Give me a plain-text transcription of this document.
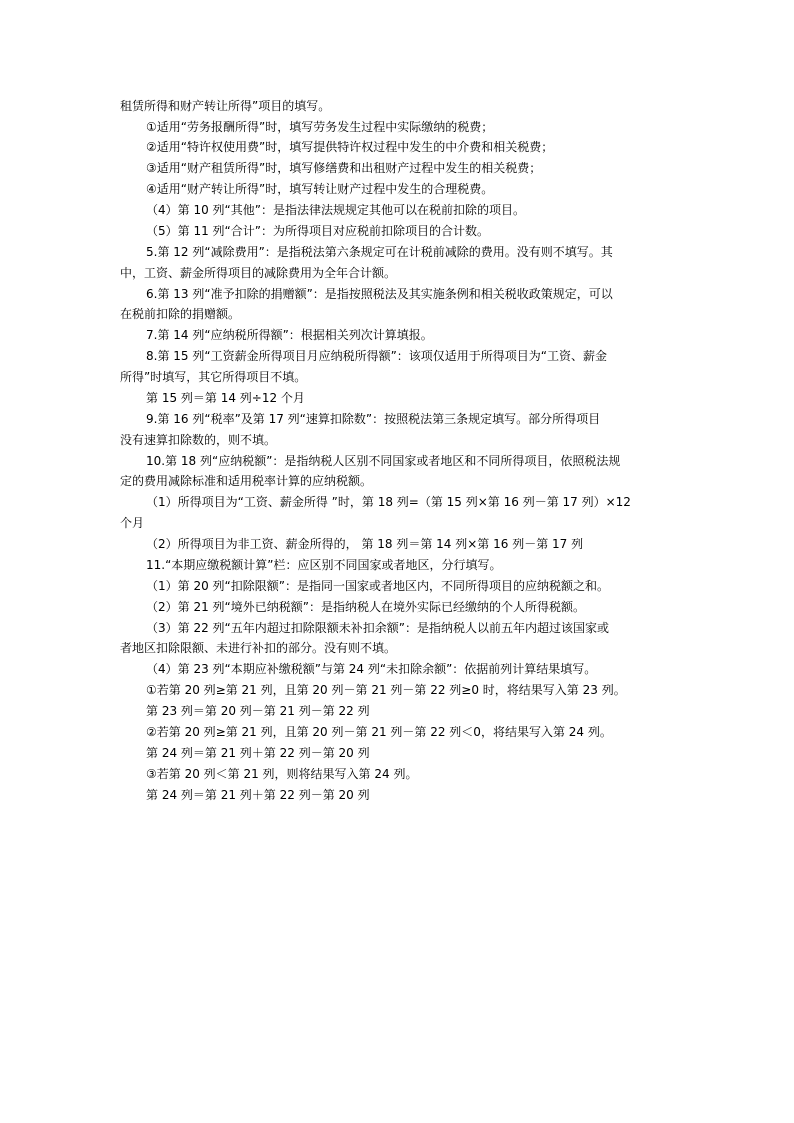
租赁所得和财产转让所得”项目的填写。
①适用“劳务报酬所得”时，填写劳务发生过程中实际缴纳的税费；
②适用“特许权使用费”时，填写提供特许权过程中发生的中介费和相关税费；
③适用“财产租赁所得”时，填写修缮费和出租财产过程中发生的相关税费；
④适用“财产转让所得”时，填写转让财产过程中发生的合理税费。
（4）第 10 列“其他”：是指法律法规规定其他可以在税前扣除的项目。
（5）第 11 列“合计”：为所得项目对应税前扣除项目的合计数。
5.第 12 列“减除费用”：是指税法第六条规定可在计税前减除的费用。没有则不填写。其
中，工资、薪金所得项目的减除费用为全年合计额。
6.第 13 列“准予扣除的捐赠额”：是指按照税法及其实施条例和相关税收政策规定，可以
在税前扣除的捐赠额。
7.第 14 列“应纳税所得额”：根据相关列次计算填报。
8.第 15 列“工资薪金所得项目月应纳税所得额”：该项仅适用于所得项目为“工资、薪金
所得”时填写，其它所得项目不填。
第 15 列＝第 14 列÷12 个月
9.第 16 列“税率”及第 17 列“速算扣除数”：按照税法第三条规定填写。部分所得项目
没有速算扣除数的，则不填。
10.第 18 列“应纳税额”：是指纳税人区别不同国家或者地区和不同所得项目，依照税法规
定的费用减除标准和适用税率计算的应纳税额。
（1）所得项目为“工资、薪金所得 ”时，第 18 列=（第 15 列×第 16 列－第 17 列）×12
个月
（2）所得项目为非工资、薪金所得的， 第 18 列＝第 14 列×第 16 列－第 17 列
11.“本期应缴税额计算”栏：应区别不同国家或者地区，分行填写。
（1）第 20 列“扣除限额”：是指同一国家或者地区内，不同所得项目的应纳税额之和。
（2）第 21 列“境外已纳税额”：是指纳税人在境外实际已经缴纳的个人所得税额。
（3）第 22 列“五年内超过扣除限额未补扣余额”：是指纳税人以前五年内超过该国家或
者地区扣除限额、未进行补扣的部分。没有则不填。
（4）第 23 列“本期应补缴税额”与第 24 列“未扣除余额”：依据前列计算结果填写。
①若第 20 列≥第 21 列，且第 20 列－第 21 列－第 22 列≥0 时，将结果写入第 23 列。
第 23 列＝第 20 列－第 21 列－第 22 列
②若第 20 列≥第 21 列，且第 20 列－第 21 列－第 22 列＜0，将结果写入第 24 列。
第 24 列＝第 21 列＋第 22 列－第 20 列
③若第 20 列＜第 21 列，则将结果写入第 24 列。
第 24 列＝第 21 列＋第 22 列－第 20 列
